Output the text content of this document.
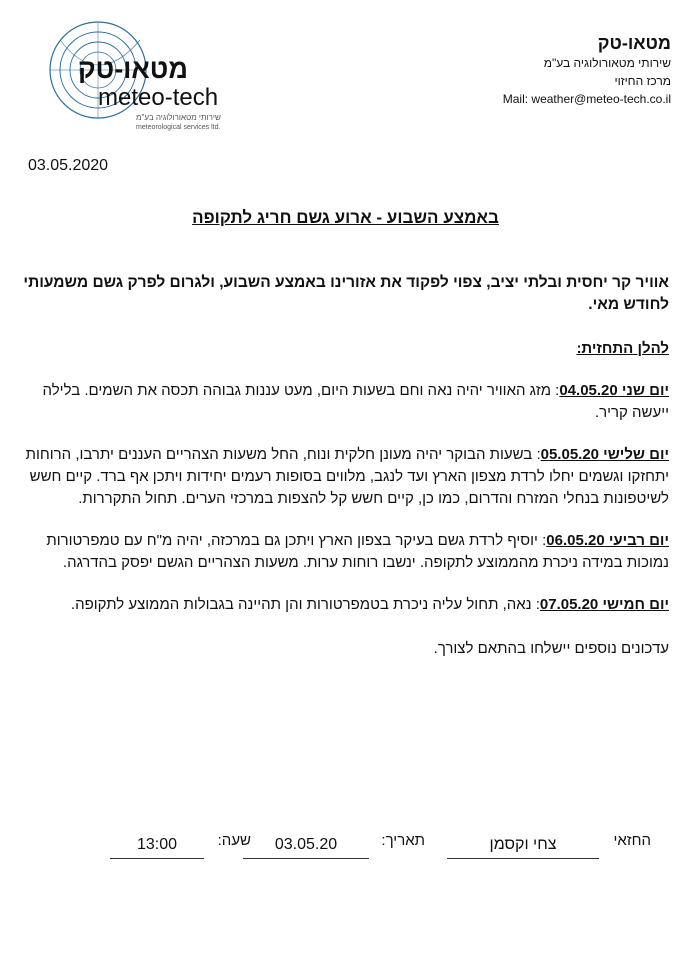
מטאו-טק
meteo-tech
שירותי מטאורולוגיה בע"מ
meteorological services ltd.
מטאו-טק
שירותי מטאורולוגיה בע"מ
מרכז החיזוי
Mail: weather@meteo-tech.co.il
03.05.2020
באמצע השבוע - ארוע גשם חריג לתקופה
אוויר קר יחסית ובלתי יציב, צפוי לפקוד את אזורינו באמצע השבוע, ולגרום לפרק גשם משמעותי לחודש מאי.
להלן התחזית:
יום שני 04.05.20: מזג האוויר יהיה נאה וחם בשעות היום, מעט עננות גבוהה תכסה את השמים. בלילה ייעשה קריר.
יום שלישי 05.05.20: בשעות הבוקר יהיה מעונן חלקית ונוח, החל משעות הצהריים העננים יתרבו, הרוחות יתחזקו וגשמים יחלו לרדת מצפון הארץ ועד לנגב, מלווים בסופות רעמים יחידות ויתכן אף ברד. קיים חשש לשיטפונות בנחלי המזרח והדרום, כמו כן, קיים חשש קל להצפות במרכזי הערים. תחול התקררות.
יום רביעי 06.05.20: יוסיף לרדת גשם בעיקר בצפון הארץ ויתכן גם במרכזה, יהיה מ"ח עם טמפרטורות נמוכות במידה ניכרת מהממוצע לתקופה. ינשבו רוחות ערות. משעות הצהריים הגשם יפסק בהדרגה.
יום חמישי 07.05.20: נאה, תחול עליה ניכרת בטמפרטורות והן תהיינה בגבולות הממוצע לתקופה.
עדכונים נוספים יישלחו בהתאם לצורך.
החזאי
צחי וקסמן
תאריך:
03.05.20
שעה:
13:00
